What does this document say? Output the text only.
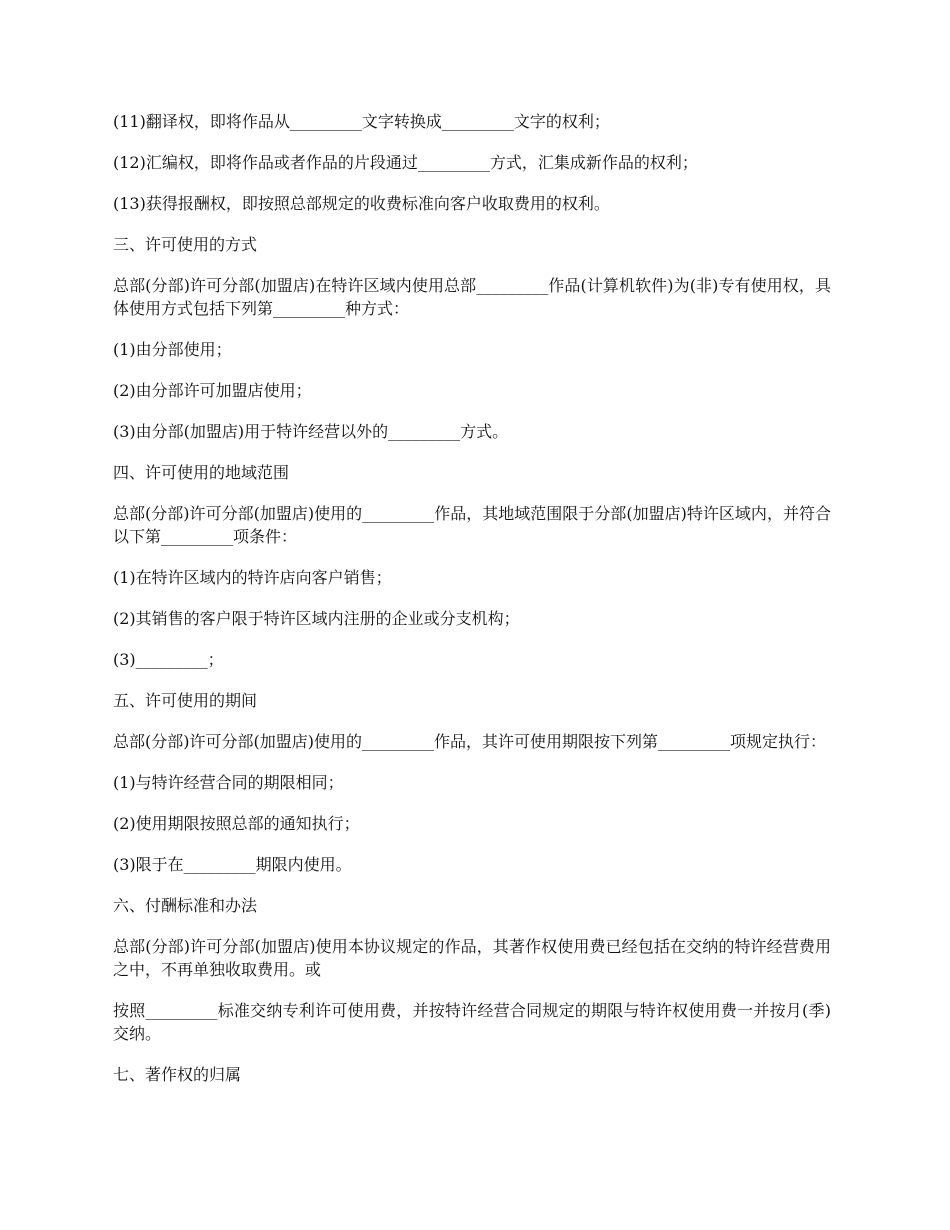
(11)翻译权，即将作品从_________文字转换成_________文字的权利；

(12)汇编权，即将作品或者作品的片段通过_________方式，汇集成新作品的权利；

(13)获得报酬权，即按照总部规定的收费标准向客户收取费用的权利。

三、许可使用的方式

总部(分部)许可分部(加盟店)在特许区域内使用总部_________作品(计算机软件)为(非)专有使用权，具体使用方式包括下列第_________种方式：

(1)由分部使用；

(2)由分部许可加盟店使用；

(3)由分部(加盟店)用于特许经营以外的_________方式。

四、许可使用的地域范围

总部(分部)许可分部(加盟店)使用的_________作品，其地域范围限于分部(加盟店)特许区域内，并符合以下第_________项条件：

(1)在特许区域内的特许店向客户销售；

(2)其销售的客户限于特许区域内注册的企业或分支机构；

(3)_________；

五、许可使用的期间

总部(分部)许可分部(加盟店)使用的_________作品，其许可使用期限按下列第_________项规定执行：

(1)与特许经营合同的期限相同；

(2)使用期限按照总部的通知执行；

(3)限于在_________期限内使用。

六、付酬标准和办法

总部(分部)许可分部(加盟店)使用本协议规定的作品，其著作权使用费已经包括在交纳的特许经营费用之中，不再单独收取费用。或

按照_________标准交纳专利许可使用费，并按特许经营合同规定的期限与特许权使用费一并按月(季)交纳。

七、著作权的归属
